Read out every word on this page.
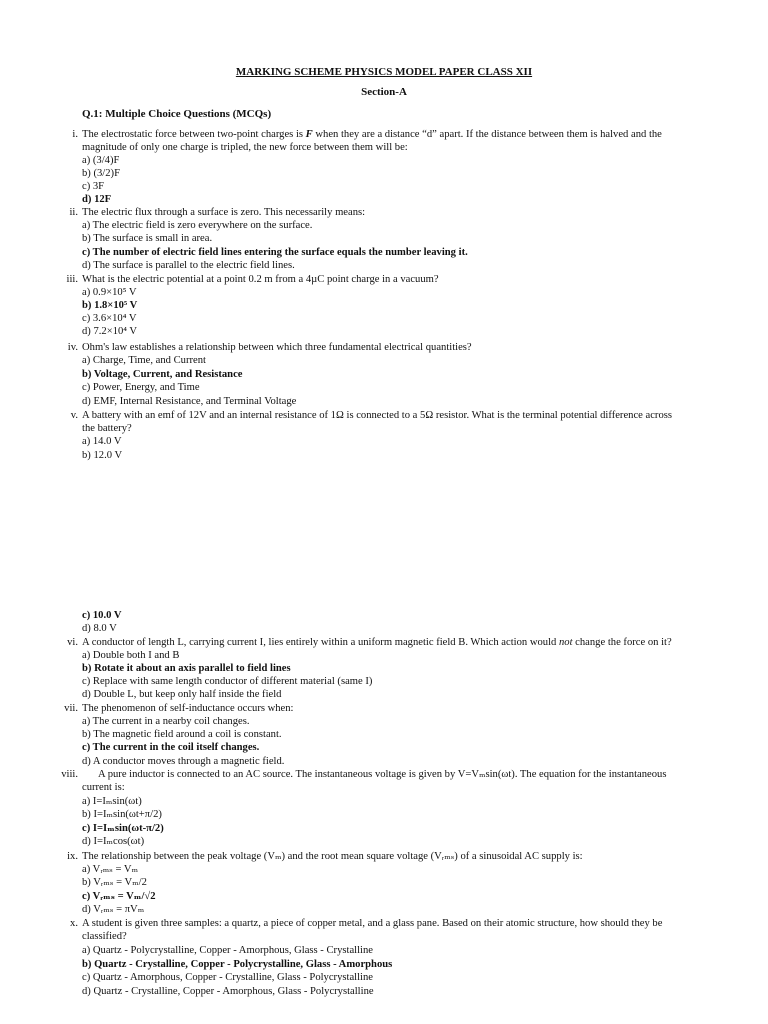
MARKING SCHEME PHYSICS MODEL PAPER CLASS XII
Section-A
Q.1: Multiple Choice Questions (MCQs)
i. The electrostatic force between two-point charges is F when they are a distance “d” apart. If the distance between them is halved and the
magnitude of only one charge is tripled, the new force between them will be:
a) (3/4)F
b) (3/2)F
c) 3F
d) 12F
ii. The electric flux through a surface is zero. This necessarily means:
a) The electric field is zero everywhere on the surface.
b) The surface is small in area.
c) The number of electric field lines entering the surface equals the number leaving it.
d) The surface is parallel to the electric field lines.
iii. What is the electric potential at a point 0.2 m from a 4µC point charge in a vacuum?
a) 0.9×10⁵ V
b) 1.8×10⁵ V
c) 3.6×10⁴ V
d) 7.2×10⁴ V
iv. Ohm's law establishes a relationship between which three fundamental electrical quantities?
a) Charge, Time, and Current
b) Voltage, Current, and Resistance
c) Power, Energy, and Time
d) EMF, Internal Resistance, and Terminal Voltage
v. A battery with an emf of 12V and an internal resistance of 1Ω is connected to a 5Ω resistor. What is the terminal potential difference across
the battery?
a) 14.0 V
b) 12.0 V
c) 10.0 V
d) 8.0 V
vi. A conductor of length L, carrying current I, lies entirely within a uniform magnetic field B. Which action would not change the force on it?
a) Double both I and B
b) Rotate it about an axis parallel to field lines
c) Replace with same length conductor of different material (same I)
d) Double L, but keep only half inside the field
vii. The phenomenon of self-inductance occurs when:
a) The current in a nearby coil changes.
b) The magnetic field around a coil is constant.
c) The current in the coil itself changes.
d) A conductor moves through a magnetic field.
viii. A pure inductor is connected to an AC source. The instantaneous voltage is given by V=Vₘsin(ωt). The equation for the instantaneous
current is:
a) I=Iₘsin(ωt)
b) I=Iₘsin(ωt+π/2)
c) I=Iₘsin(ωt-π/2)
d) I=Iₘcos(ωt)
ix. The relationship between the peak voltage (Vₘ) and the root mean square voltage (Vᵣₘₛ) of a sinusoidal AC supply is:
a) Vᵣₘₛ = Vₘ
b) Vᵣₘₛ = Vₘ/2
c) Vᵣₘₛ = Vₘ/√2
d) Vᵣₘₛ = πVₘ
x. A student is given three samples: a quartz, a piece of copper metal, and a glass pane. Based on their atomic structure, how should they be
classified?
a) Quartz - Polycrystalline, Copper - Amorphous, Glass - Crystalline
b) Quartz - Crystalline, Copper - Polycrystalline, Glass - Amorphous
c) Quartz - Amorphous, Copper - Crystalline, Glass - Polycrystalline
d) Quartz - Crystalline, Copper - Amorphous, Glass - Polycrystalline
